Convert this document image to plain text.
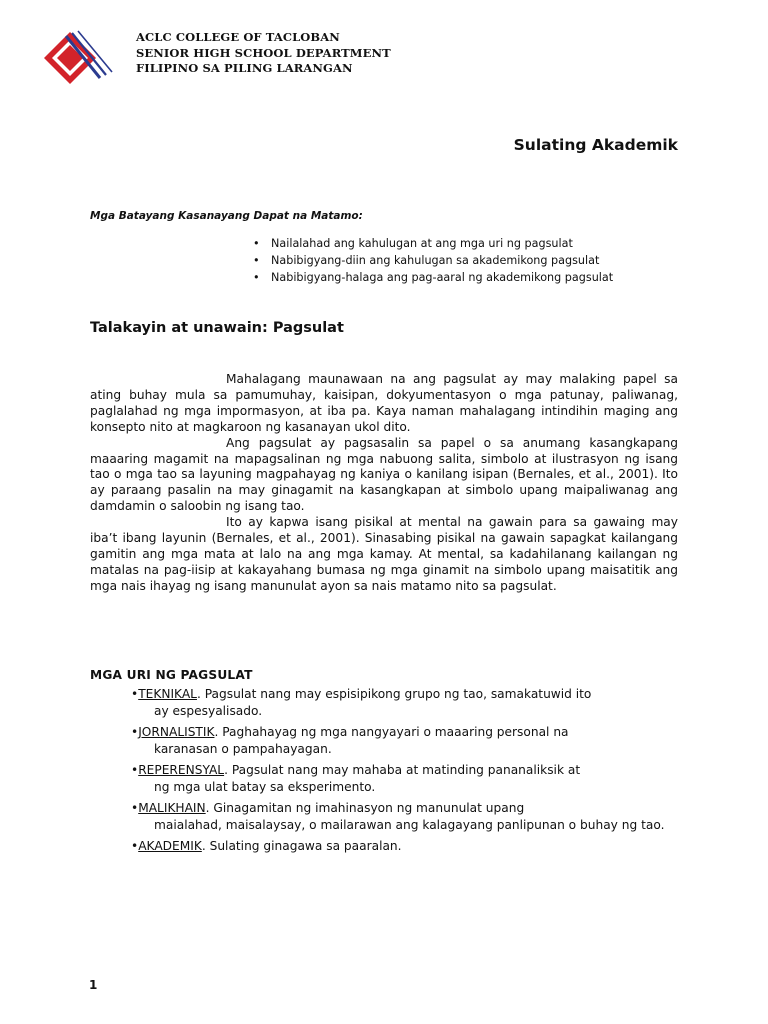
ACLC COLLEGE OF TACLOBAN
SENIOR HIGH SCHOOL DEPARTMENT
FILIPINO SA PILING LARANGAN
Sulating Akademik
Mga Batayang Kasanayang Dapat na Matamo:
• Nailalahad ang kahulugan at ang mga uri ng pagsulat
• Nabibigyang-diin ang kahulugan sa akademikong pagsulat
• Nabibigyang-halaga ang pag-aaral ng akademikong pagsulat
Talakayin at unawain: Pagsulat

Mahalagang maunawaan na ang pagsulat ay may malaking papel sa ating buhay mula sa pamumuhay, kaisipan, dokyumentasyon o mga patunay, paliwanag, paglalahad ng mga impormasyon, at iba pa. Kaya naman mahalagang intindihin maging ang konsepto nito at magkaroon ng kasanayan ukol dito.

Ang pagsulat ay pagsasalin sa papel o sa anumang kasangkapang maaaring magamit na mapagsalinan ng mga nabuong salita, simbolo at ilustrasyon ng isang tao o mga tao sa layuning magpahayag ng kaniya o kanilang isipan (Bernales, et al., 2001). Ito ay paraang pasalin na may ginagamit na kasangkapan at simbolo upang maipaliwanag ang damdamin o saloobin ng isang tao.

Ito ay kapwa isang pisikal at mental na gawain para sa gawaing may iba’t ibang layunin (Bernales, et al., 2001). Sinasabing pisikal na gawain sapagkat kailangang gamitin ang mga mata at lalo na ang mga kamay. At mental, sa kadahilanang kailangan ng matalas na pag-iisip at kakayahang bumasa ng mga ginamit na simbolo upang maisatitik ang mga nais ihayag ng isang manunulat ayon sa nais matamo nito sa pagsulat.

MGA URI NG PAGSULAT
•TEKNIKAL. Pagsulat nang may espisipikong grupo ng tao, samakatuwid ito
ay espesyalisado.
•JORNALISTIK. Paghahayag ng mga nangyayari o maaaring personal na
karanasan o pampahayagan.
•REPERENSYAL. Pagsulat nang may mahaba at matinding pananaliksik at
ng mga ulat batay sa eksperimento.
•MALIKHAIN. Ginagamitan ng imahinasyon ng manunulat upang
maialahad, maisalaysay, o mailarawan ang kalagayang panlipunan o buhay ng tao.
•AKADEMIK. Sulating ginagawa sa paaralan.
1
